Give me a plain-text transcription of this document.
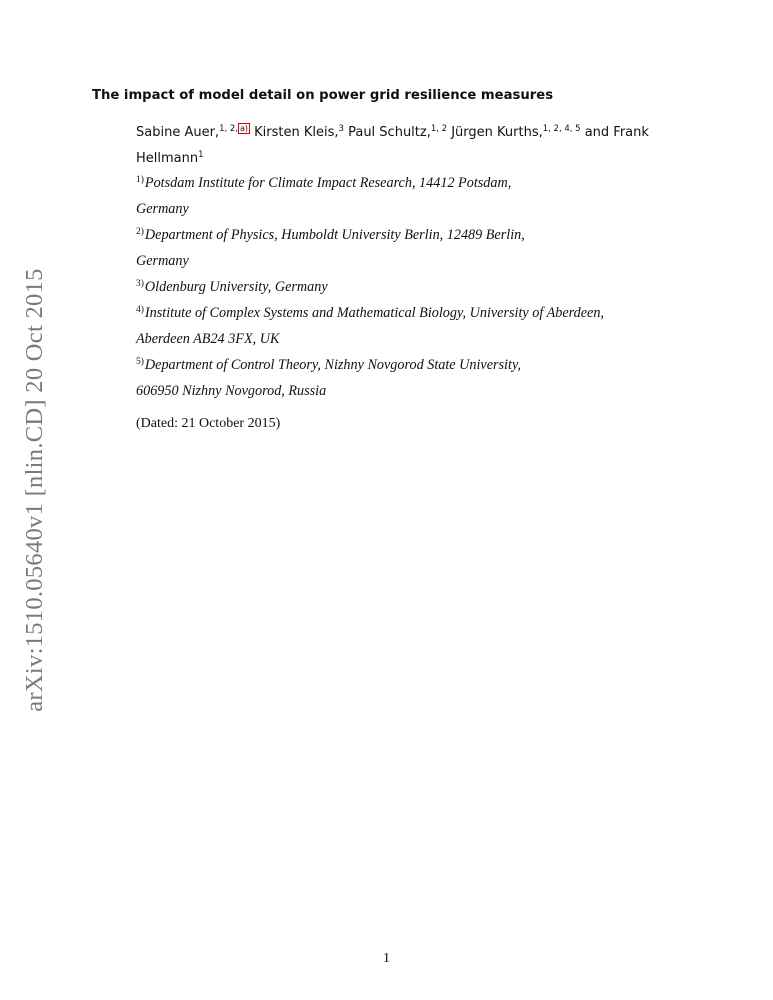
arXiv:1510.05640v1 [nlin.CD] 20 Oct 2015
The impact of model detail on power grid resilience measures
Sabine Auer,$^{1, 2,}$ $^{a)}$ Kirsten Kleis,$^3$ Paul Schultz,$^{1, 2}$ Jürgen Kurths,$^{1, 2, 4, 5}$ and Frank Hellmann$^1$

$^{1)}$Potsdam Institute for Climate Impact Research, 14412 Potsdam,
Germany

$^{2)}$Department of Physics, Humboldt University Berlin, 12489 Berlin,
Germany

$^{3)}$Oldenburg University, Germany

$^{4)}$Institute of Complex Systems and Mathematical Biology, University of Aberdeen,
Aberdeen AB24 3FX, UK

$^{5)}$Department of Control Theory, Nizhny Novgorod State University,
606950 Nizhny Novgorod, Russia

(Dated: 21 October 2015)
1
